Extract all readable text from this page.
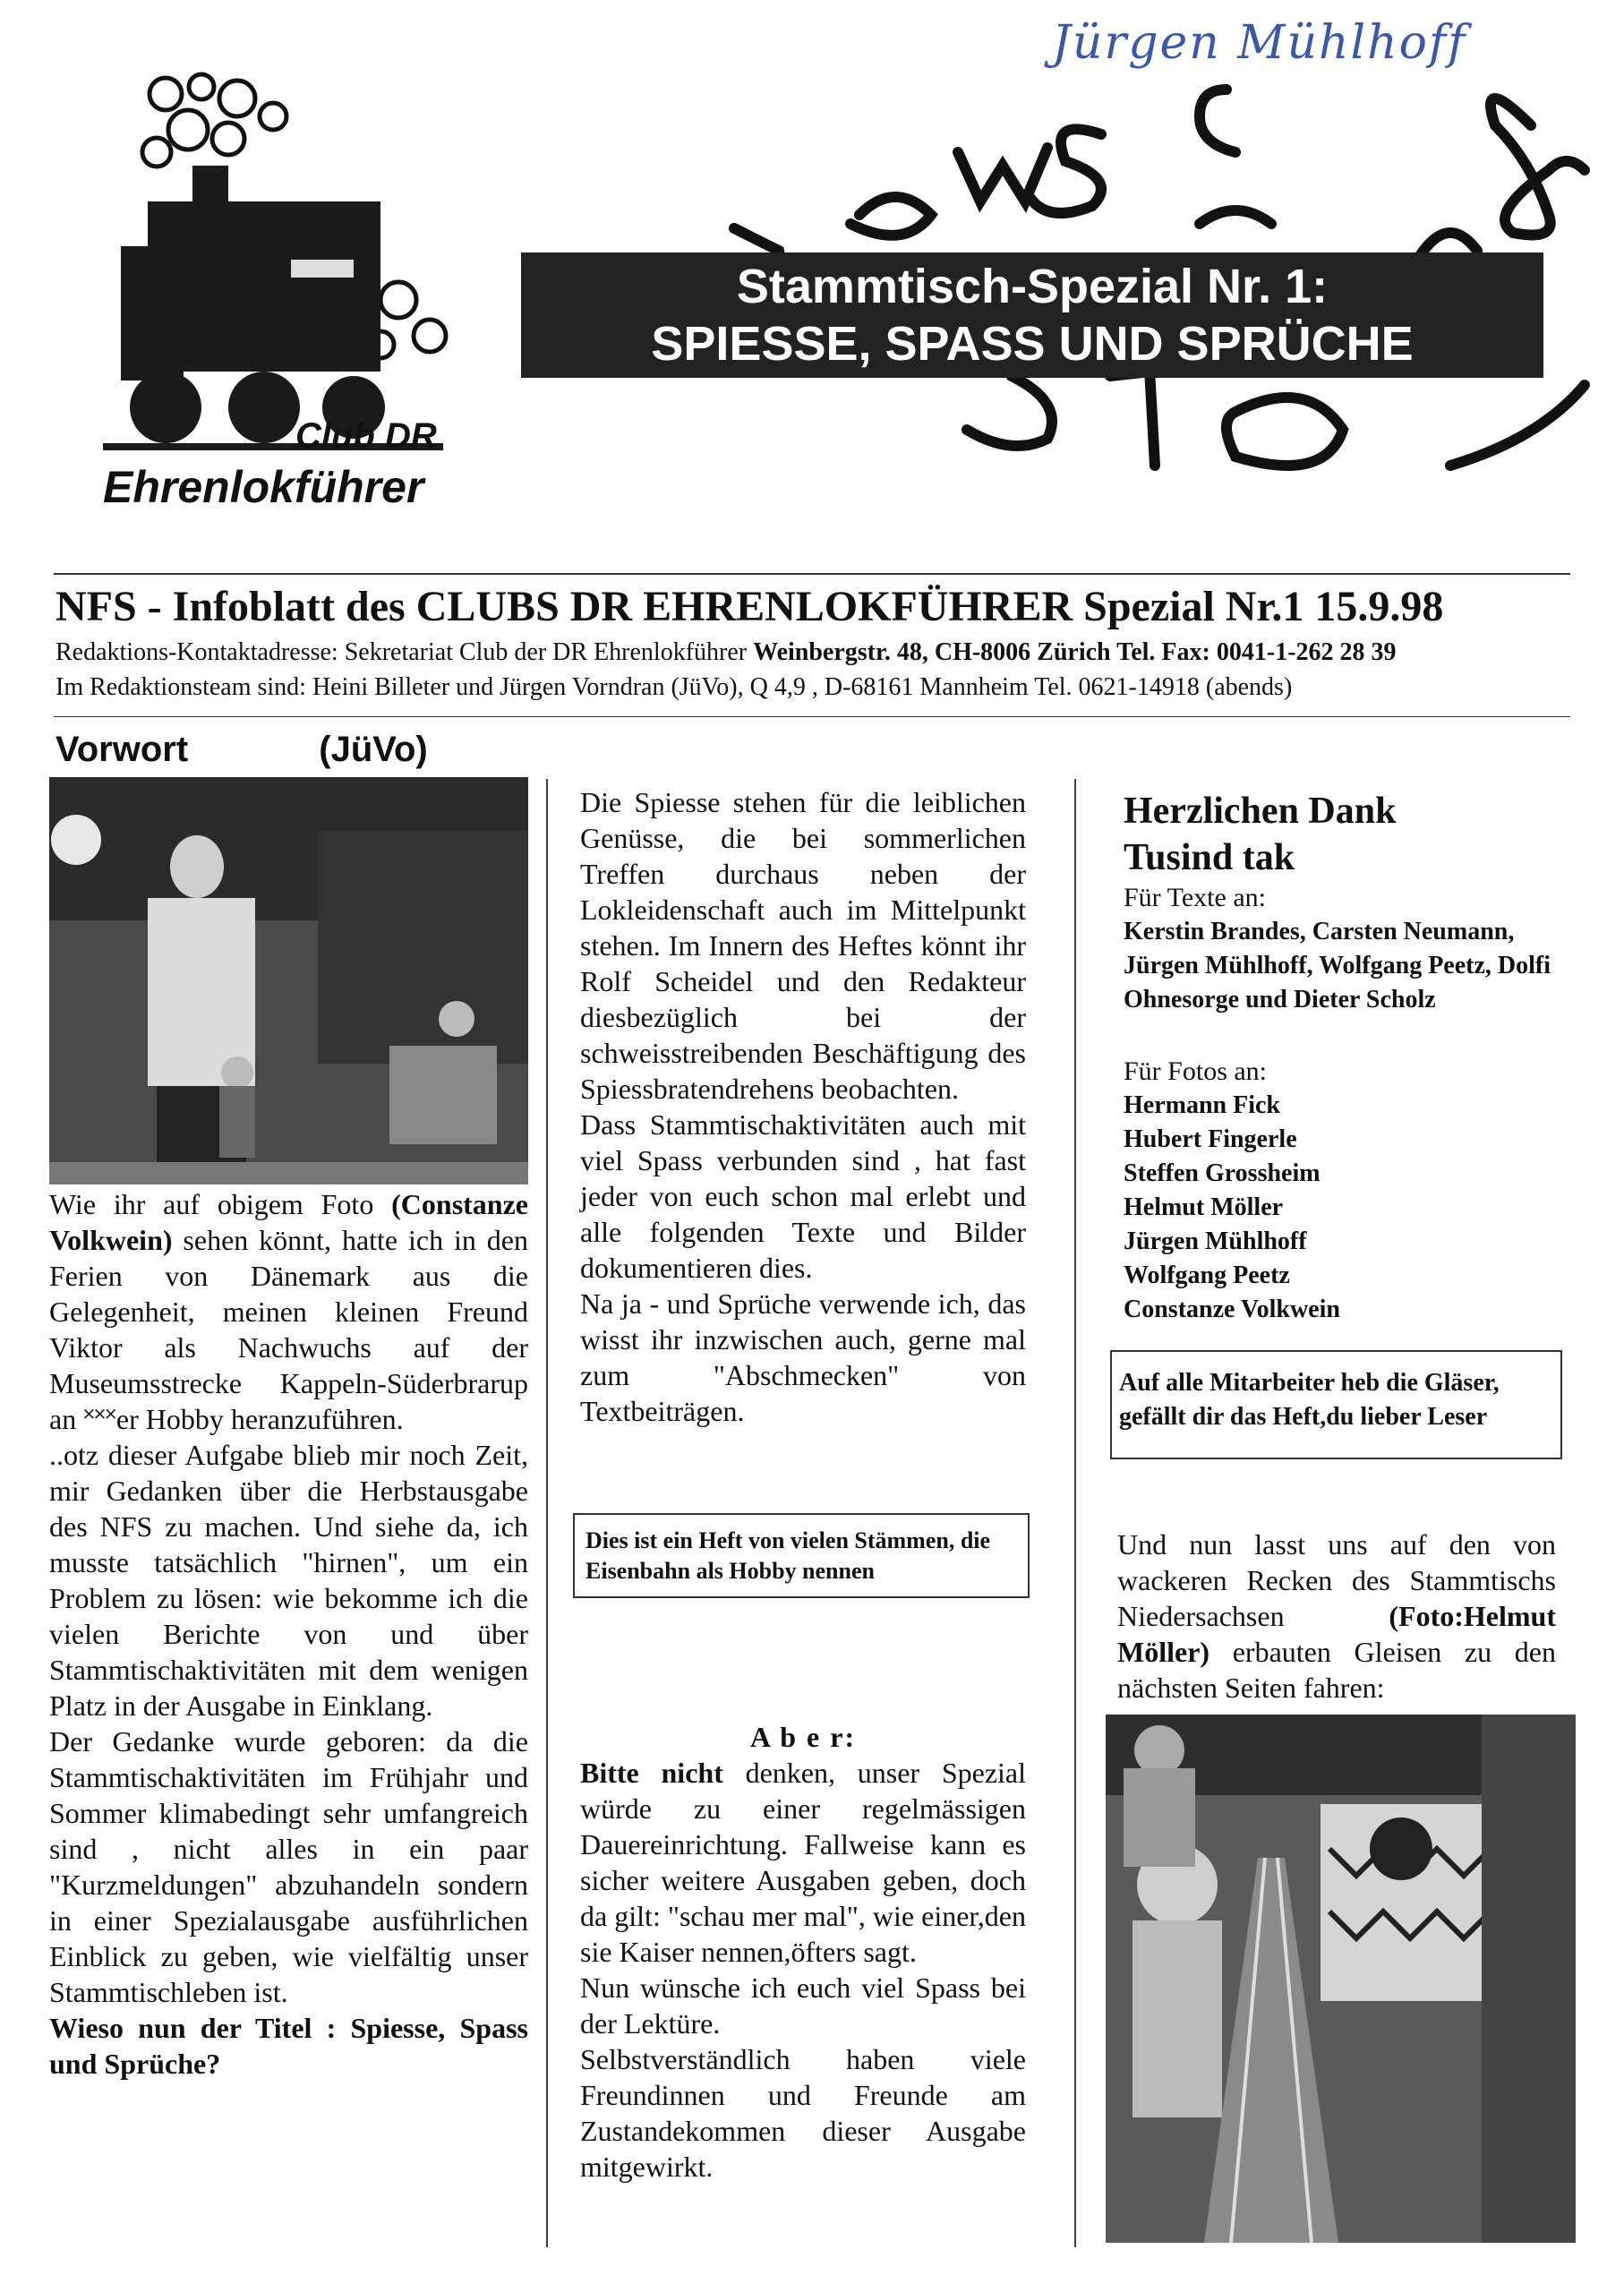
Jürgen Mühlhoff
Club DR
Ehrenlokführer
Stammtisch-Spezial Nr. 1:
SPIESSE, SPASS UND SPRÜCHE
NFS - Infoblatt des CLUBS DR EHRENLOKFÜHRER Spezial Nr.1 15.9.98
Redaktions-Kontaktadresse: Sekretariat Club der DR Ehrenlokführer Weinbergstr. 48, CH-8006 Zürich Tel. Fax: 0041-1-262 28 39
Im Redaktionsteam sind: Heini Billeter und Jürgen Vorndran (JüVo), Q 4,9 , D-68161 Mannheim Tel. 0621-14918 (abends)
Vorwort	(JüVo)

Wie ihr auf obigem Foto (Constanze Volkwein) sehen könnt, hatte ich in den Ferien von Dänemark aus die Gelegenheit, meinen kleinen Freund Viktor als Nachwuchs auf der Museumsstrecke Kappeln-Süderbrarup an ˟˟˟er Hobby heranzuführen.

..otz dieser Aufgabe blieb mir noch Zeit, mir Gedanken über die Herbstausgabe des NFS zu machen. Und siehe da, ich musste tatsächlich "hirnen", um ein Problem zu lösen: wie bekomme ich die vielen Berichte von und über Stammtischaktivitäten mit dem wenigen Platz in der Ausgabe in Einklang.

Der Gedanke wurde geboren: da die Stammtischaktivitäten im Frühjahr und Sommer klimabedingt sehr umfangreich sind , nicht alles in ein paar "Kurzmeldungen" abzuhandeln sondern in einer Spezialausgabe ausführlichen Einblick zu geben, wie vielfältig unser Stammtischleben ist.

Wieso nun der Titel : Spiesse, Spass und Sprüche?

Die Spiesse stehen für die leiblichen Genüsse, die bei sommerlichen Treffen durchaus neben der Lokleidenschaft auch im Mittelpunkt stehen. Im Innern des Heftes könnt ihr Rolf Scheidel und den Redakteur diesbezüglich bei der schweisstreibenden Beschäftigung des Spiessbratendrehens beobachten.

Dass Stammtischaktivitäten auch mit viel Spass verbunden sind , hat fast jeder von euch schon mal erlebt und alle folgenden Texte und Bilder dokumentieren dies.

Na ja - und Sprüche verwende ich, das wisst ihr inzwischen auch, gerne mal zum "Abschmecken" von Textbeiträgen.

Dies ist ein Heft von vielen Stämmen, die Eisenbahn als Hobby nennen

A b e r:

Bitte nicht denken, unser Spezial würde zu einer regelmässigen Dauereinrichtung. Fallweise kann es sicher weitere Ausgaben geben, doch da gilt: "schau mer mal", wie einer,den sie Kaiser nennen,öfters sagt.

Nun wünsche ich euch viel Spass bei der Lektüre.

Selbstverständlich haben viele Freundinnen und Freunde am Zustandekommen dieser Ausgabe mitgewirkt.

Herzlichen Dank
Tusind tak
Für Texte an:
Kerstin Brandes, Carsten Neumann, Jürgen Mühlhoff, Wolfgang Peetz, Dolfi Ohnesorge und Dieter Scholz
Für Fotos an:
Hermann Fick
Hubert Fingerle
Steffen Grossheim
Helmut Möller
Jürgen Mühlhoff
Wolfgang Peetz
Constanze Volkwein
Auf alle Mitarbeiter heb die Gläser, gefällt dir das Heft,du lieber Leser

Und nun lasst uns auf den von wackeren Recken des Stammtischs Niedersachsen (Foto:Helmut Möller) erbauten Gleisen zu den nächsten Seiten fahren:
